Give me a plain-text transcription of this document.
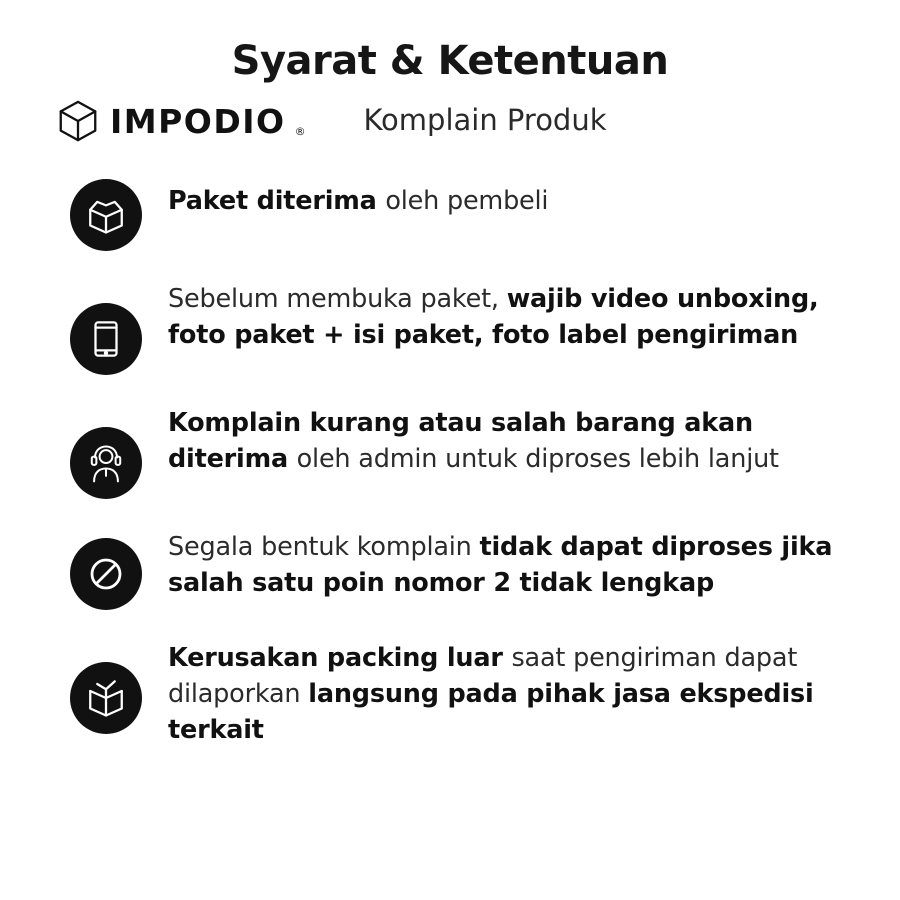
Syarat & Ketentuan
Komplain Produk
IMPODIO ®
Paket diterima oleh pembeli
Sebelum membuka paket, wajib video unboxing, foto paket + isi paket, foto label pengiriman
Komplain kurang atau salah barang akan diterima oleh admin untuk diproses lebih lanjut
Segala bentuk komplain tidak dapat diproses jika salah satu poin nomor 2 tidak lengkap
Kerusakan packing luar saat pengiriman dapat dilaporkan langsung pada pihak jasa ekspedisi terkait
